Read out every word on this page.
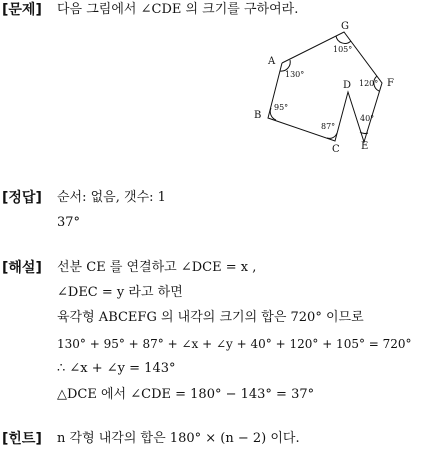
[문제] 다음 그림에서 ∠CDE 의 크기를 구하여라.
A
B
C
D
E
F
G
130°
95°
87°
120°
40°
105°
[정답] 순서: 없음, 갯수: 1
37°
[해설] 선분 CE 를 연결하고 ∠DCE = x ,
∠DEC = y 라고 하면
육각형 ABCEFG 의 내각의 크기의 합은 720° 이므로
130° + 95° + 87° + ∠x + ∠y + 40° + 120° + 105° = 720°
∴ ∠x + ∠y = 143°
△DCE 에서 ∠CDE = 180° − 143° = 37°
[힌트] n 각형 내각의 합은 180° × (n − 2) 이다.
